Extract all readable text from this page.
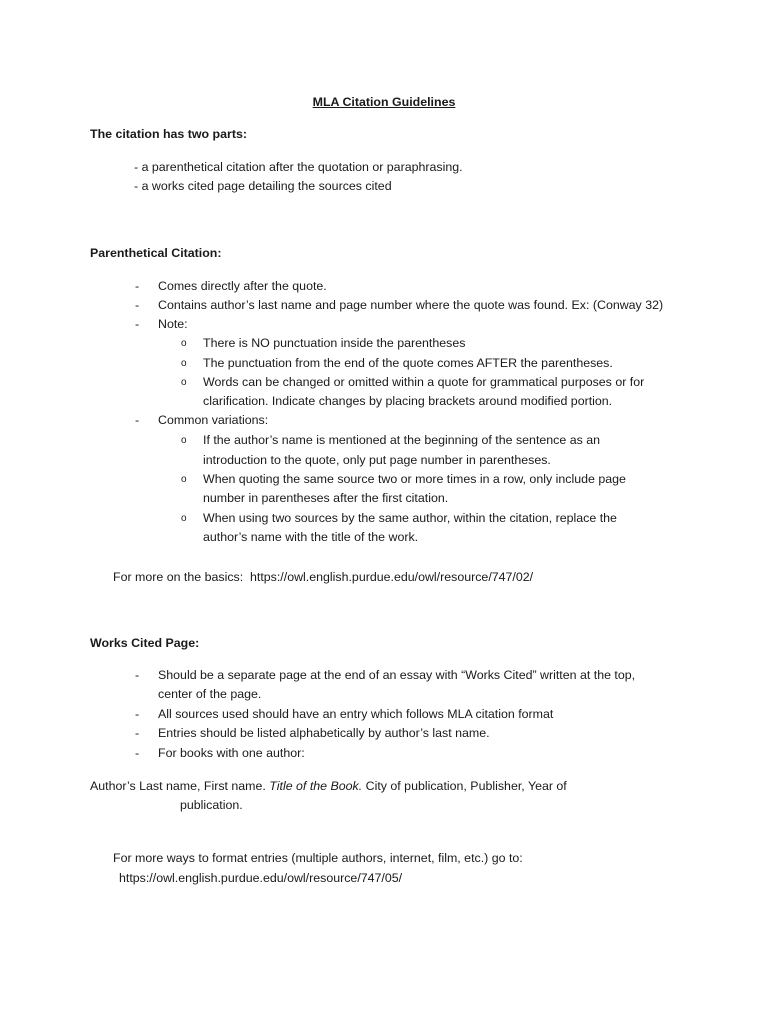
MLA Citation Guidelines
The citation has two parts:
- a parenthetical citation after the quotation or paraphrasing.
- a works cited page detailing the sources cited
Parenthetical Citation:
- Comes directly after the quote.
- Contains author’s last name and page number where the quote was found. Ex: (Conway 32)
- Note:
o There is NO punctuation inside the parentheses
o The punctuation from the end of the quote comes AFTER the parentheses.
o Words can be changed or omitted within a quote for grammatical purposes or for
clarification. Indicate changes by placing brackets around modified portion.
- Common variations:
o If the author’s name is mentioned at the beginning of the sentence as an
introduction to the quote, only put page number in parentheses.
o When quoting the same source two or more times in a row, only include page
number in parentheses after the first citation.
o When using two sources by the same author, within the citation, replace the
author’s name with the title of the work.
For more on the basics: https://owl.english.purdue.edu/owl/resource/747/02/
Works Cited Page:
- Should be a separate page at the end of an essay with “Works Cited” written at the top,
center of the page.
- All sources used should have an entry which follows MLA citation format
- Entries should be listed alphabetically by author’s last name.
- For books with one author:
Author’s Last name, First name. Title of the Book. City of publication, Publisher, Year of
publication.
For more ways to format entries (multiple authors, internet, film, etc.) go to:
https://owl.english.purdue.edu/owl/resource/747/05/
